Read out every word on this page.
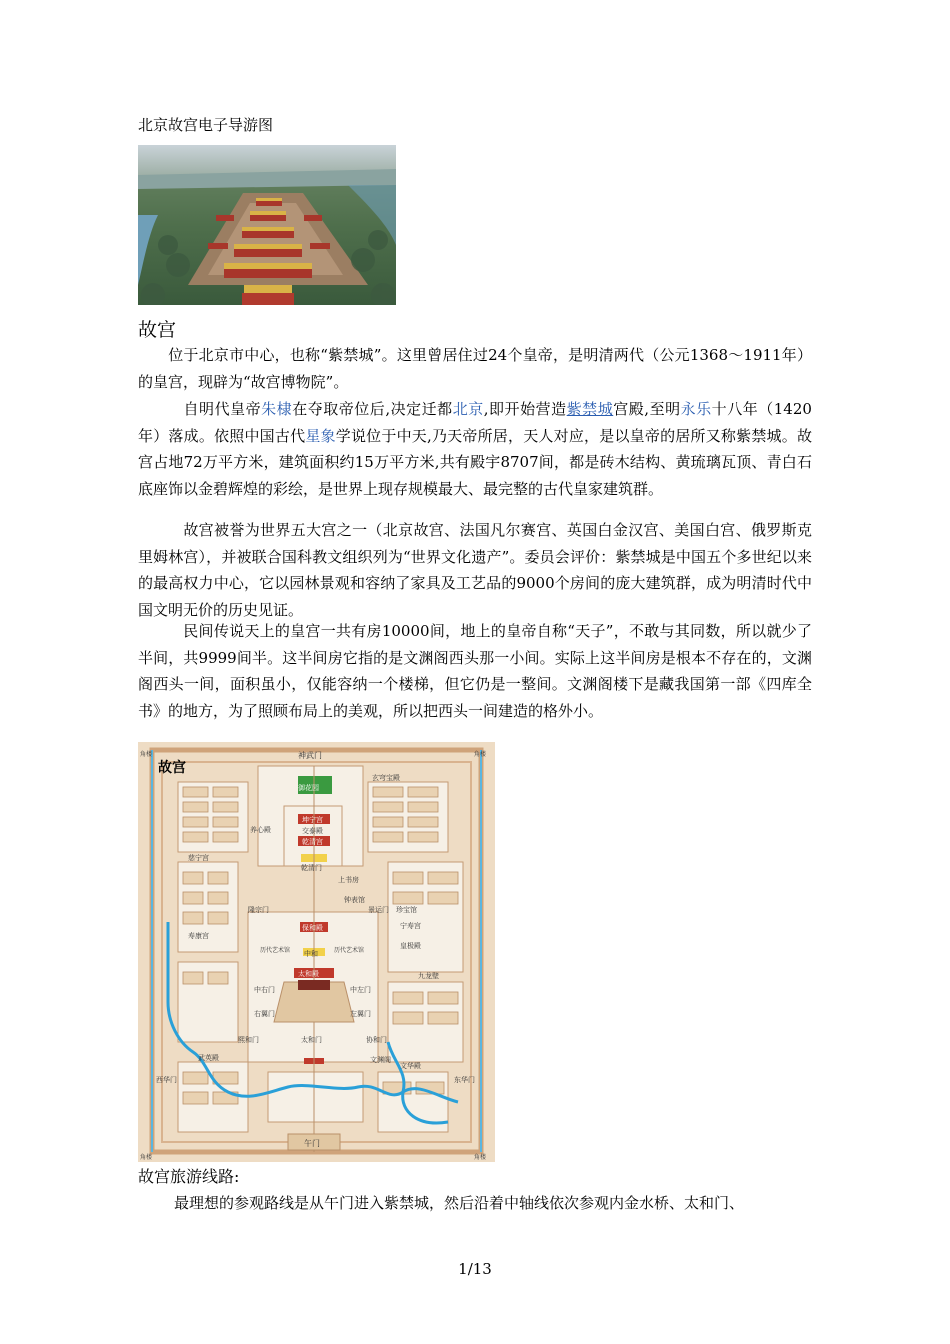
北京故宫电子导游图
故宫

位于北京市中心，也称“紫禁城”。这里曾居住过24个皇帝，是明清两代（公元1368～1911年）的皇宫，现辟为“故宫博物院”。

自明代皇帝朱棣在夺取帝位后,决定迁都北京,即开始营造紫禁城宫殿,至明永乐十八年（1420年）落成。依照中国古代星象学说位于中天,乃天帝所居，天人对应，是以皇帝的居所又称紫禁城。故宫占地72万平方米，建筑面积约15万平方米,共有殿宇8707间，都是砖木结构、黄琉璃瓦顶、青白石底座饰以金碧辉煌的彩绘，是世界上现存规模最大、最完整的古代皇家建筑群。

故宫被誉为世界五大宫之一（北京故宫、法国凡尔赛宫、英国白金汉宫、美国白宫、俄罗斯克里姆林宫），并被联合国科教文组织列为“世界文化遗产”。委员会评价：紫禁城是中国五个多世纪以来的最高权力中心，它以园林景观和容纳了家具及工艺品的9000个房间的庞大建筑群，成为明清时代中国文明无价的历史见证。

民间传说天上的皇宫一共有房10000间，地上的皇帝自称“天子”，不敢与其同数，所以就少了半间，共9999间半。这半间房它指的是文渊阁西头那一小间。实际上这半间房是根本不存在的，文渊阁西头一间，面积虽小，仅能容纳一个楼梯，但它仍是一整间。文渊阁楼下是藏我国第一部《四库全书》的地方，为了照顾布局上的美观，所以把西头一间建造的格外小。

故宫
神武门
角楼	角楼
角楼	角楼
御花园
坤宁宫
交泰殿
乾清宫
乾清门
保和殿
中和
太和殿
太和门
午门
协和门
熙和门
文渊阁
文华殿
武英殿
慈宁宫
寿康宫
养心殿
宁寿宫
皇极殿
九龙壁
景运门
隆宗门
东华门
西华门
中右门	中左门
左翼门
右翼门
玄穹宝殿
历代艺术馆	历代艺术馆
钟表馆
珍宝馆
上书房
故宫旅游线路:

最理想的参观路线是从午门进入紫禁城，然后沿着中轴线依次参观内金水桥、太和门、

1/13
